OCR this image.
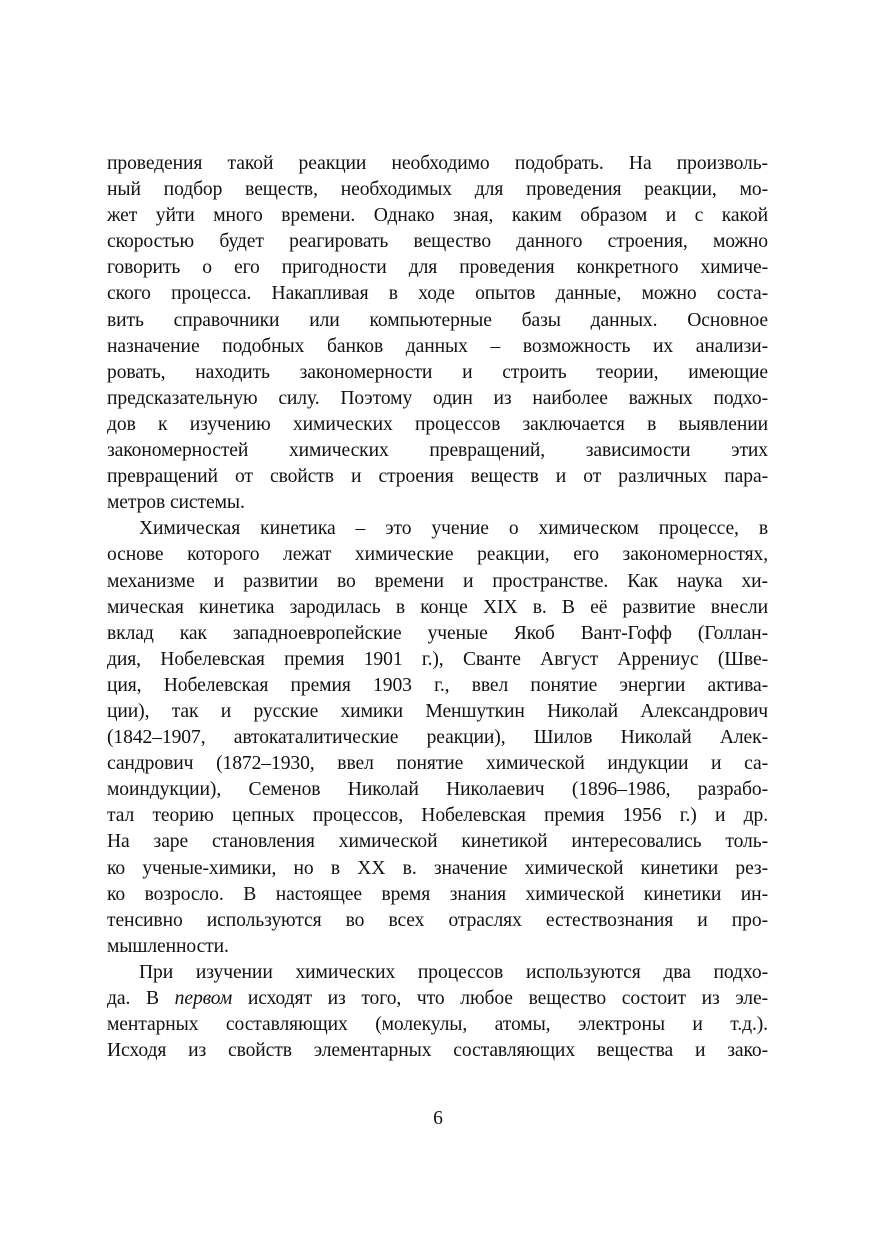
проведения такой реакции необходимо подобрать. На произволь-
ный подбор веществ, необходимых для проведения реакции, мо-
жет уйти много времени. Однако зная, каким образом и с какой
скоростью будет реагировать вещество данного строения, можно
говорить о его пригодности для проведения конкретного химиче-
ского процесса. Накапливая в ходе опытов данные, можно соста-
вить справочники или компьютерные базы данных. Основное
назначение подобных банков данных – возможность их анализи-
ровать, находить закономерности и строить теории, имеющие
предсказательную силу. Поэтому один из наиболее важных подхо-
дов к изучению химических процессов заключается в выявлении
закономерностей химических превращений, зависимости этих
превращений от свойств и строения веществ и от различных пара-
метров системы.
Химическая кинетика – это учение о химическом процессе, в
основе которого лежат химические реакции, его закономерностях,
механизме и развитии во времени и пространстве. Как наука хи-
мическая кинетика зародилась в конце XIX в. В её развитие внесли
вклад как западноевропейские ученые Якоб Вант-Гофф (Голлан-
дия, Нобелевская премия 1901 г.), Сванте Август Аррениус (Шве-
ция, Нобелевская премия 1903 г., ввел понятие энергии актива-
ции), так и русские химики Меншуткин Николай Александрович
(1842–1907, автокаталитические реакции), Шилов Николай Алек-
сандрович (1872–1930, ввел понятие химической индукции и са-
моиндукции), Семенов Николай Николаевич (1896–1986, разрабо-
тал теорию цепных процессов, Нобелевская премия 1956 г.) и др.
На заре становления химической кинетикой интересовались толь-
ко ученые-химики, но в XX в. значение химической кинетики рез-
ко возросло. В настоящее время знания химической кинетики ин-
тенсивно используются во всех отраслях естествознания и про-
мышленности.
При изучении химических процессов используются два подхо-
да. В первом исходят из того, что любое вещество состоит из эле-
ментарных составляющих (молекулы, атомы, электроны и т.д.).
Исходя из свойств элементарных составляющих вещества и зако-
6
